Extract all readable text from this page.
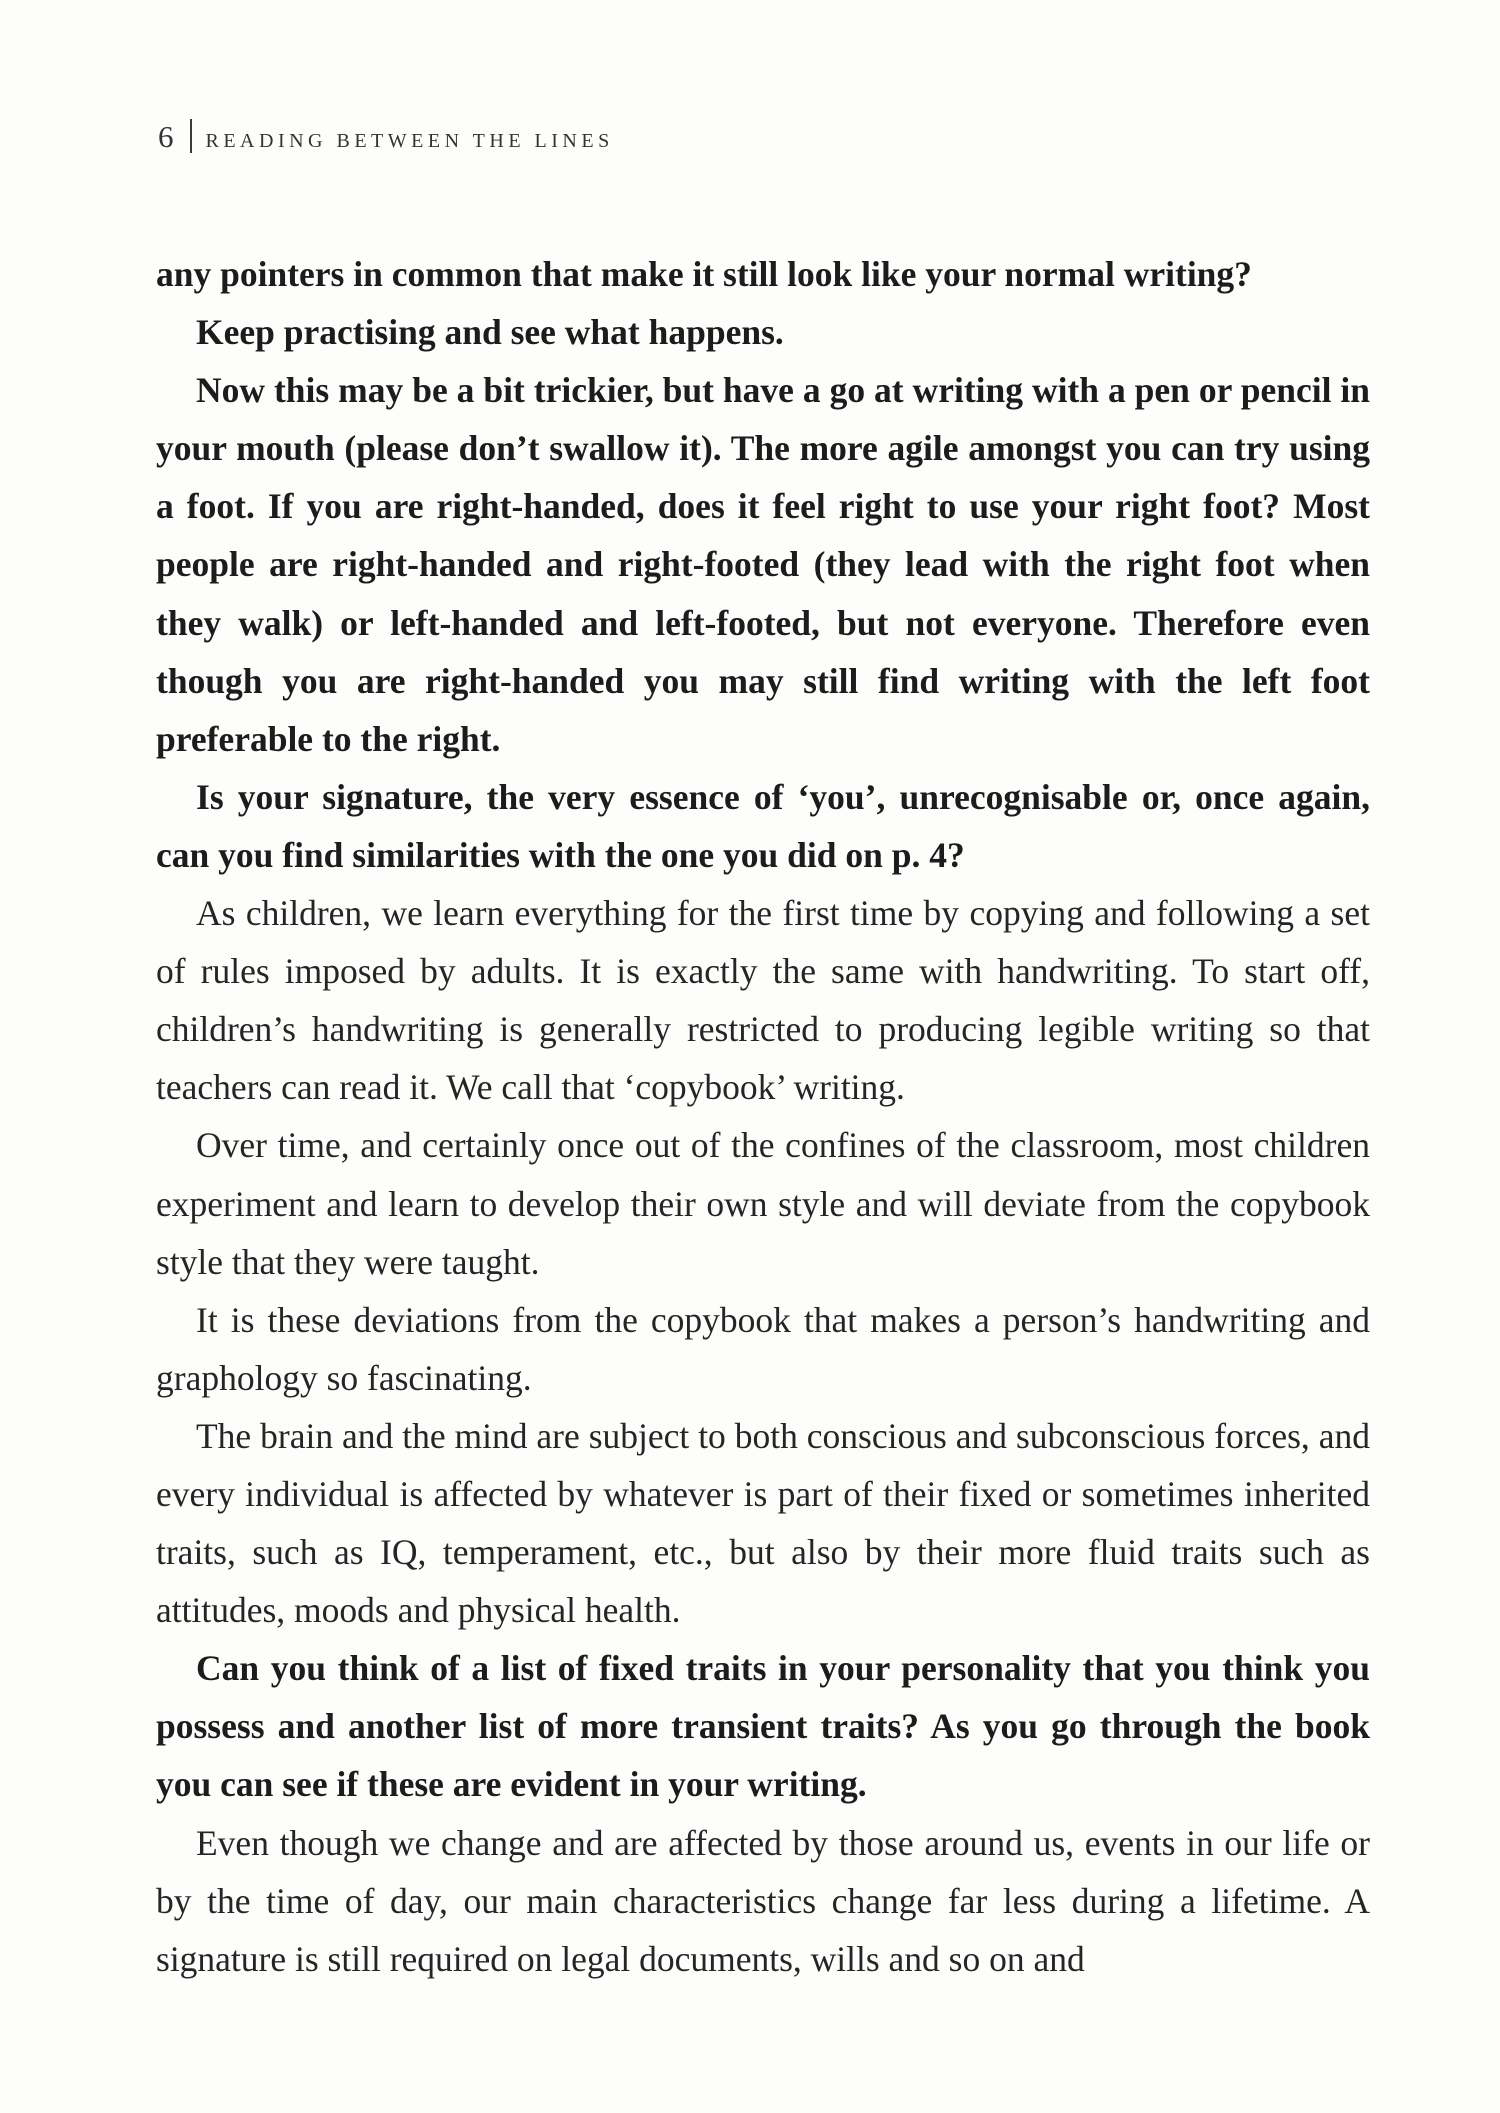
6 READING BETWEEN THE LINES

any pointers in common that make it still look like your normal writing?

Keep practising and see what happens.

Now this may be a bit trickier, but have a go at writing with a pen or pencil in your mouth (please don’t swallow it). The more agile amongst you can try using a foot. If you are right-handed, does it feel right to use your right foot? Most people are right-handed and right-footed (they lead with the right foot when they walk) or left-handed and left-footed, but not everyone. Therefore even though you are right-handed you may still find writing with the left foot preferable to the right.

Is your signature, the very essence of ‘you’, unrecognisable or, once again, can you find similarities with the one you did on p. 4?

As children, we learn everything for the first time by copying and following a set of rules imposed by adults. It is exactly the same with handwriting. To start off, children’s handwriting is generally restricted to producing legible writing so that teachers can read it. We call that ‘copybook’ writing.

Over time, and certainly once out of the confines of the classroom, most children experiment and learn to develop their own style and will deviate from the copybook style that they were taught.

It is these deviations from the copybook that makes a person’s handwriting and graphology so fascinating.

The brain and the mind are subject to both conscious and subconscious forces, and every individual is affected by whatever is part of their fixed or sometimes inherited traits, such as IQ, temperament, etc., but also by their more fluid traits such as attitudes, moods and physical health.

Can you think of a list of fixed traits in your personality that you think you possess and another list of more transient traits? As you go through the book you can see if these are evident in your writing.

Even though we change and are affected by those around us, events in our life or by the time of day, our main characteristics change far less during a lifetime. A signature is still required on legal documents, wills and so on and
